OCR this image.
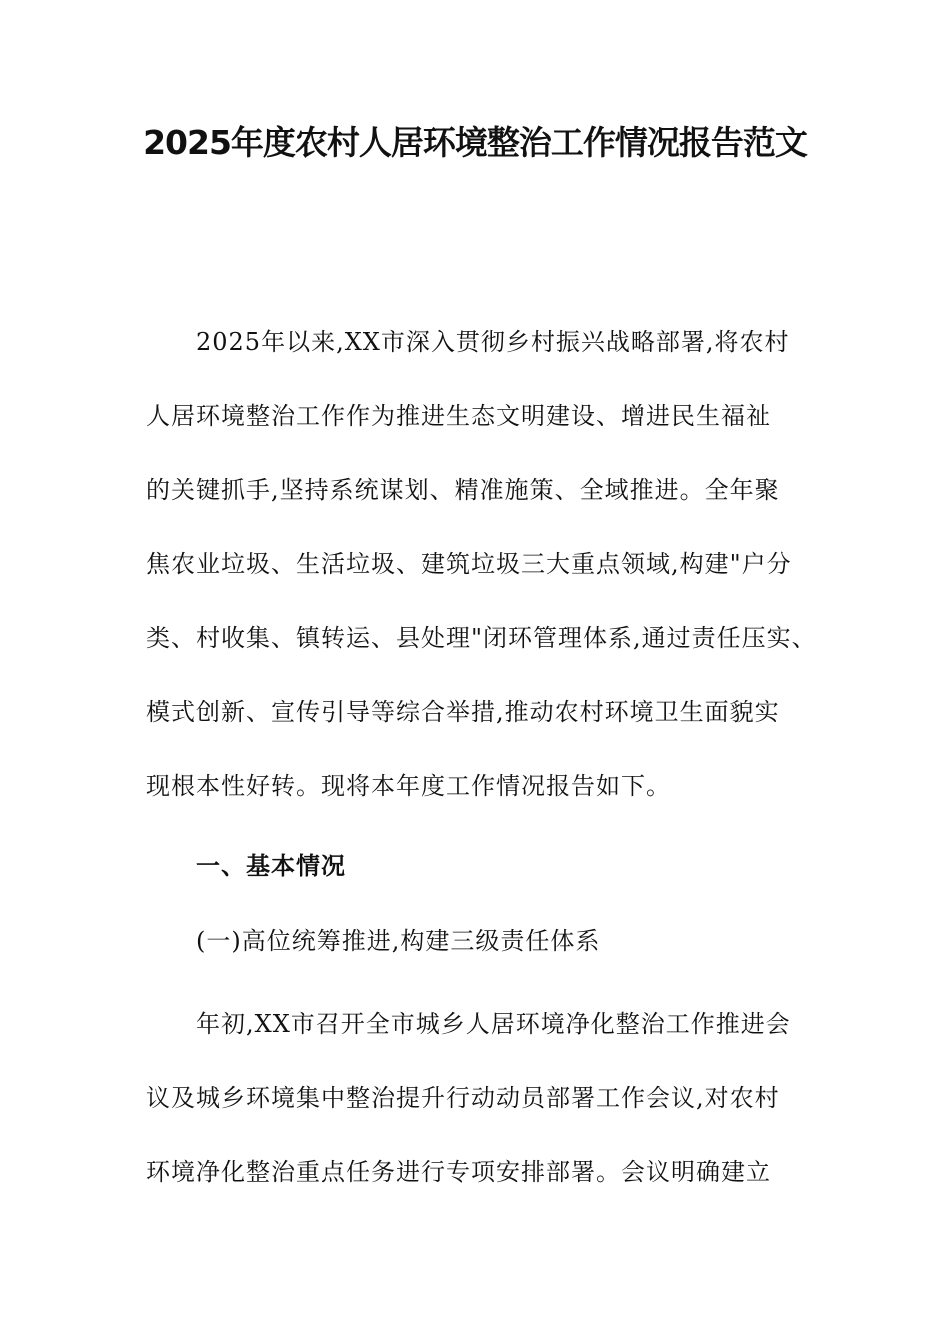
2025年度农村人居环境整治工作情况报告范文
2025年以来,XX市深入贯彻乡村振兴战略部署,将农村
人居环境整治工作作为推进生态文明建设、增进民生福祉
的关键抓手,坚持系统谋划、精准施策、全域推进。全年聚
焦农业垃圾、生活垃圾、建筑垃圾三大重点领域,构建"户分
类、村收集、镇转运、县处理"闭环管理体系,通过责任压实、
模式创新、宣传引导等综合举措,推动农村环境卫生面貌实
现根本性好转。现将本年度工作情况报告如下。
一、基本情况
(一)高位统筹推进,构建三级责任体系
年初,XX市召开全市城乡人居环境净化整治工作推进会
议及城乡环境集中整治提升行动动员部署工作会议,对农村
环境净化整治重点任务进行专项安排部署。会议明确建立
